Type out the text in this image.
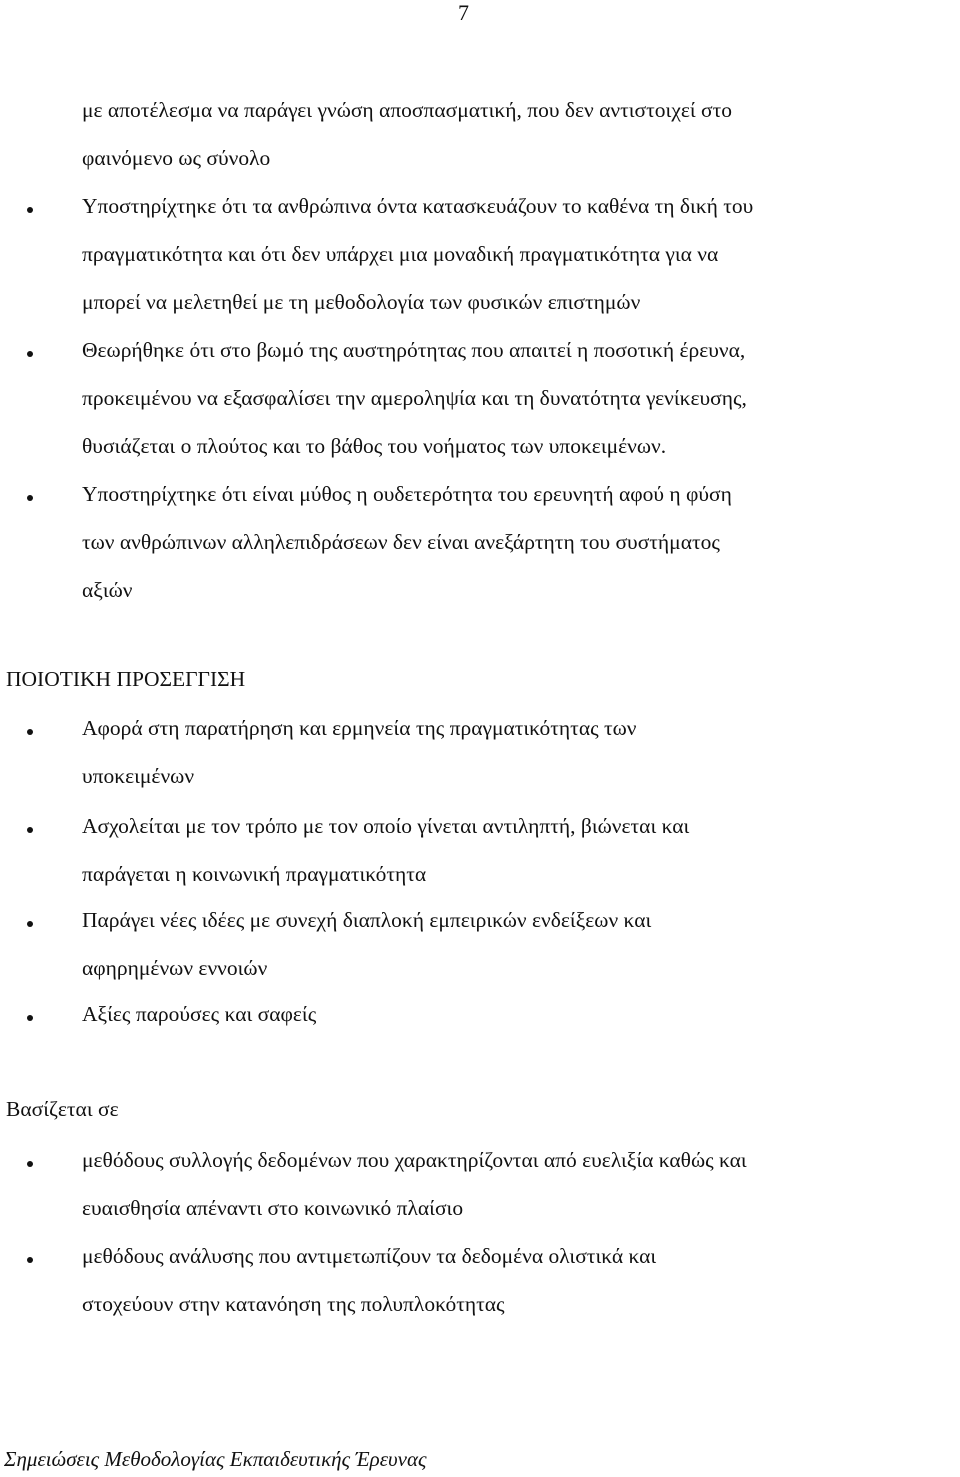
7
με αποτέλεσμα να παράγει γνώση αποσπασματική, που δεν αντιστοιχεί στο
φαινόμενο ως σύνολο
Υποστηρίχτηκε ότι τα ανθρώπινα όντα κατασκευάζουν το καθένα τη δική του
πραγματικότητα και ότι δεν υπάρχει μια μοναδική πραγματικότητα για να
μπορεί να μελετηθεί με τη μεθοδολογία των φυσικών επιστημών
Θεωρήθηκε ότι στο βωμό της αυστηρότητας που απαιτεί η ποσοτική έρευνα,
προκειμένου να εξασφαλίσει την αμεροληψία και τη δυνατότητα γενίκευσης,
θυσιάζεται ο πλούτος και το βάθος του νοήματος των υποκειμένων.
Υποστηρίχτηκε ότι είναι μύθος η ουδετερότητα του ερευνητή αφού η φύση
των ανθρώπινων αλληλεπιδράσεων δεν είναι ανεξάρτητη του συστήματος
αξιών
ΠΟΙΟΤΙΚΗ ΠΡΟΣΕΓΓΙΣΗ
Αφορά στη παρατήρηση και ερμηνεία της πραγματικότητας των
υποκειμένων
Ασχολείται με τον τρόπο με τον οποίο γίνεται αντιληπτή, βιώνεται και
παράγεται η κοινωνική πραγματικότητα
Παράγει νέες ιδέες με συνεχή διαπλοκή εμπειρικών ενδείξεων και
αφηρημένων εννοιών
Αξίες παρούσες και σαφείς
Βασίζεται σε
μεθόδους συλλογής δεδομένων που χαρακτηρίζονται από ευελιξία καθώς και
ευαισθησία απέναντι στο κοινωνικό πλαίσιο
μεθόδους ανάλυσης που αντιμετωπίζουν τα δεδομένα ολιστικά και
στοχεύουν στην κατανόηση της πολυπλοκότητας
Σημειώσεις Μεθοδολογίας Εκπαιδευτικής Έρευνας
